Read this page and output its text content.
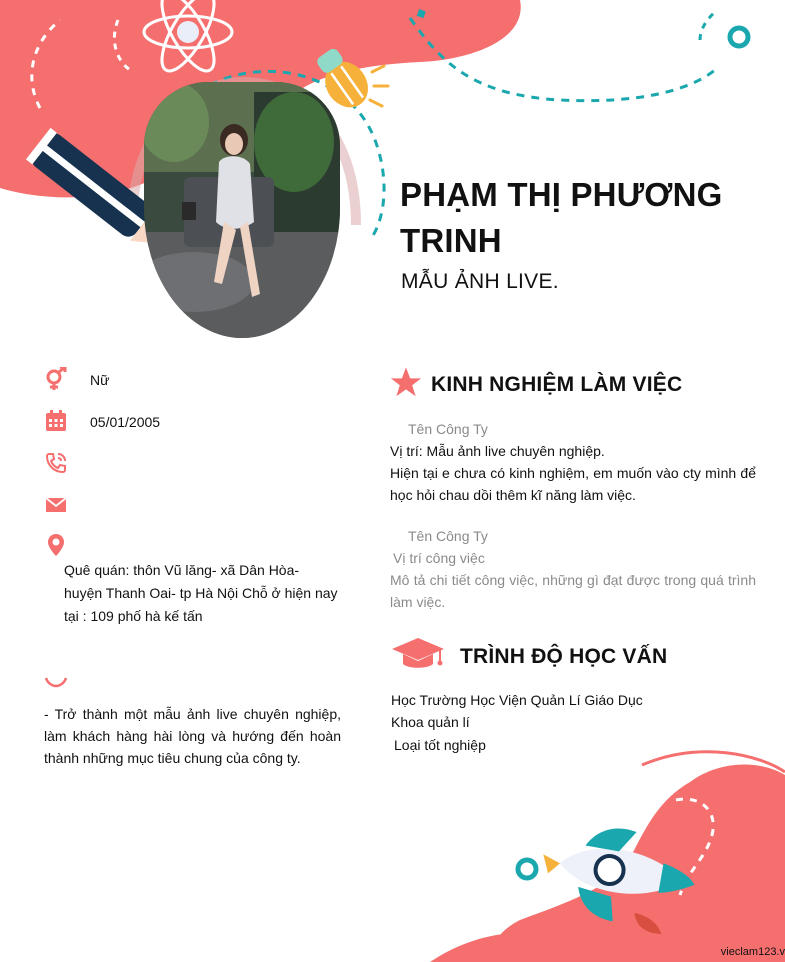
PHẠM THỊ PHƯƠNG TRINH
MẪU ẢNH LIVE.
Nữ
05/01/2005
Quê quán: thôn Vũ lăng- xã Dân Hòa- huyện Thanh Oai- tp Hà Nội Chỗ ở hiện nay tại : 109 phố hà kế tấn
- Trở thành một mẫu ảnh live chuyên nghiệp, làm khách hàng hài lòng và hướng đến hoàn thành những mục tiêu chung của công ty.
KINH NGHIỆM LÀM VIỆC
Tên Công Ty
Vị trí: Mẫu ảnh live chuyên nghiệp.
Hiện tại e chưa có kinh nghiệm, em muốn vào cty mình để học hỏi chau dồi thêm kĩ năng làm việc.
Tên Công Ty
Vị trí công việc
Mô tả chi tiết công việc, những gì đạt được trong quá trình làm việc.
TRÌNH ĐỘ HỌC VẤN
Học Trường Học Viện Quản Lí Giáo Dục
Khoa quản lí
Loại tốt nghiệp
vieclam123.v
